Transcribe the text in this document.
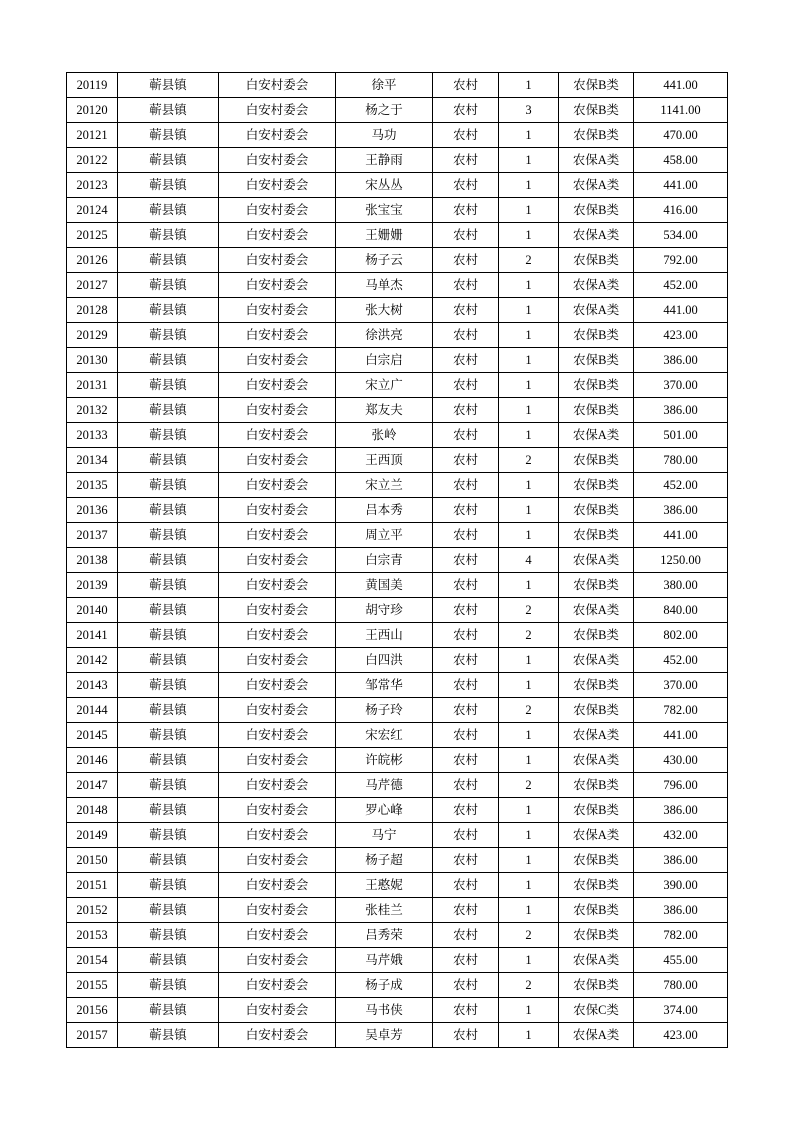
20119	蕲县镇	白安村委会	徐平	农村	1	农保B类	441.00
20120	蕲县镇	白安村委会	杨之于	农村	3	农保B类	1141.00
20121	蕲县镇	白安村委会	马功	农村	1	农保B类	470.00
20122	蕲县镇	白安村委会	王静雨	农村	1	农保A类	458.00
20123	蕲县镇	白安村委会	宋丛丛	农村	1	农保A类	441.00
20124	蕲县镇	白安村委会	张宝宝	农村	1	农保B类	416.00
20125	蕲县镇	白安村委会	王姗姗	农村	1	农保A类	534.00
20126	蕲县镇	白安村委会	杨子云	农村	2	农保B类	792.00
20127	蕲县镇	白安村委会	马单杰	农村	1	农保A类	452.00
20128	蕲县镇	白安村委会	张大树	农村	1	农保A类	441.00
20129	蕲县镇	白安村委会	徐洪亮	农村	1	农保B类	423.00
20130	蕲县镇	白安村委会	白宗启	农村	1	农保B类	386.00
20131	蕲县镇	白安村委会	宋立广	农村	1	农保B类	370.00
20132	蕲县镇	白安村委会	郑友夫	农村	1	农保B类	386.00
20133	蕲县镇	白安村委会	张岭	农村	1	农保A类	501.00
20134	蕲县镇	白安村委会	王西顶	农村	2	农保B类	780.00
20135	蕲县镇	白安村委会	宋立兰	农村	1	农保B类	452.00
20136	蕲县镇	白安村委会	吕本秀	农村	1	农保B类	386.00
20137	蕲县镇	白安村委会	周立平	农村	1	农保B类	441.00
20138	蕲县镇	白安村委会	白宗青	农村	4	农保A类	1250.00
20139	蕲县镇	白安村委会	黄国美	农村	1	农保B类	380.00
20140	蕲县镇	白安村委会	胡守珍	农村	2	农保A类	840.00
20141	蕲县镇	白安村委会	王西山	农村	2	农保B类	802.00
20142	蕲县镇	白安村委会	白四洪	农村	1	农保A类	452.00
20143	蕲县镇	白安村委会	邹常华	农村	1	农保B类	370.00
20144	蕲县镇	白安村委会	杨子玲	农村	2	农保B类	782.00
20145	蕲县镇	白安村委会	宋宏红	农村	1	农保A类	441.00
20146	蕲县镇	白安村委会	许皖彬	农村	1	农保A类	430.00
20147	蕲县镇	白安村委会	马芹德	农村	2	农保B类	796.00
20148	蕲县镇	白安村委会	罗心峰	农村	1	农保B类	386.00
20149	蕲县镇	白安村委会	马宁	农村	1	农保A类	432.00
20150	蕲县镇	白安村委会	杨子超	农村	1	农保B类	386.00
20151	蕲县镇	白安村委会	王憨妮	农村	1	农保B类	390.00
20152	蕲县镇	白安村委会	张桂兰	农村	1	农保B类	386.00
20153	蕲县镇	白安村委会	吕秀荣	农村	2	农保B类	782.00
20154	蕲县镇	白安村委会	马芹娥	农村	1	农保A类	455.00
20155	蕲县镇	白安村委会	杨子成	农村	2	农保B类	780.00
20156	蕲县镇	白安村委会	马书侠	农村	1	农保C类	374.00
20157	蕲县镇	白安村委会	吴卓芳	农村	1	农保A类	423.00
